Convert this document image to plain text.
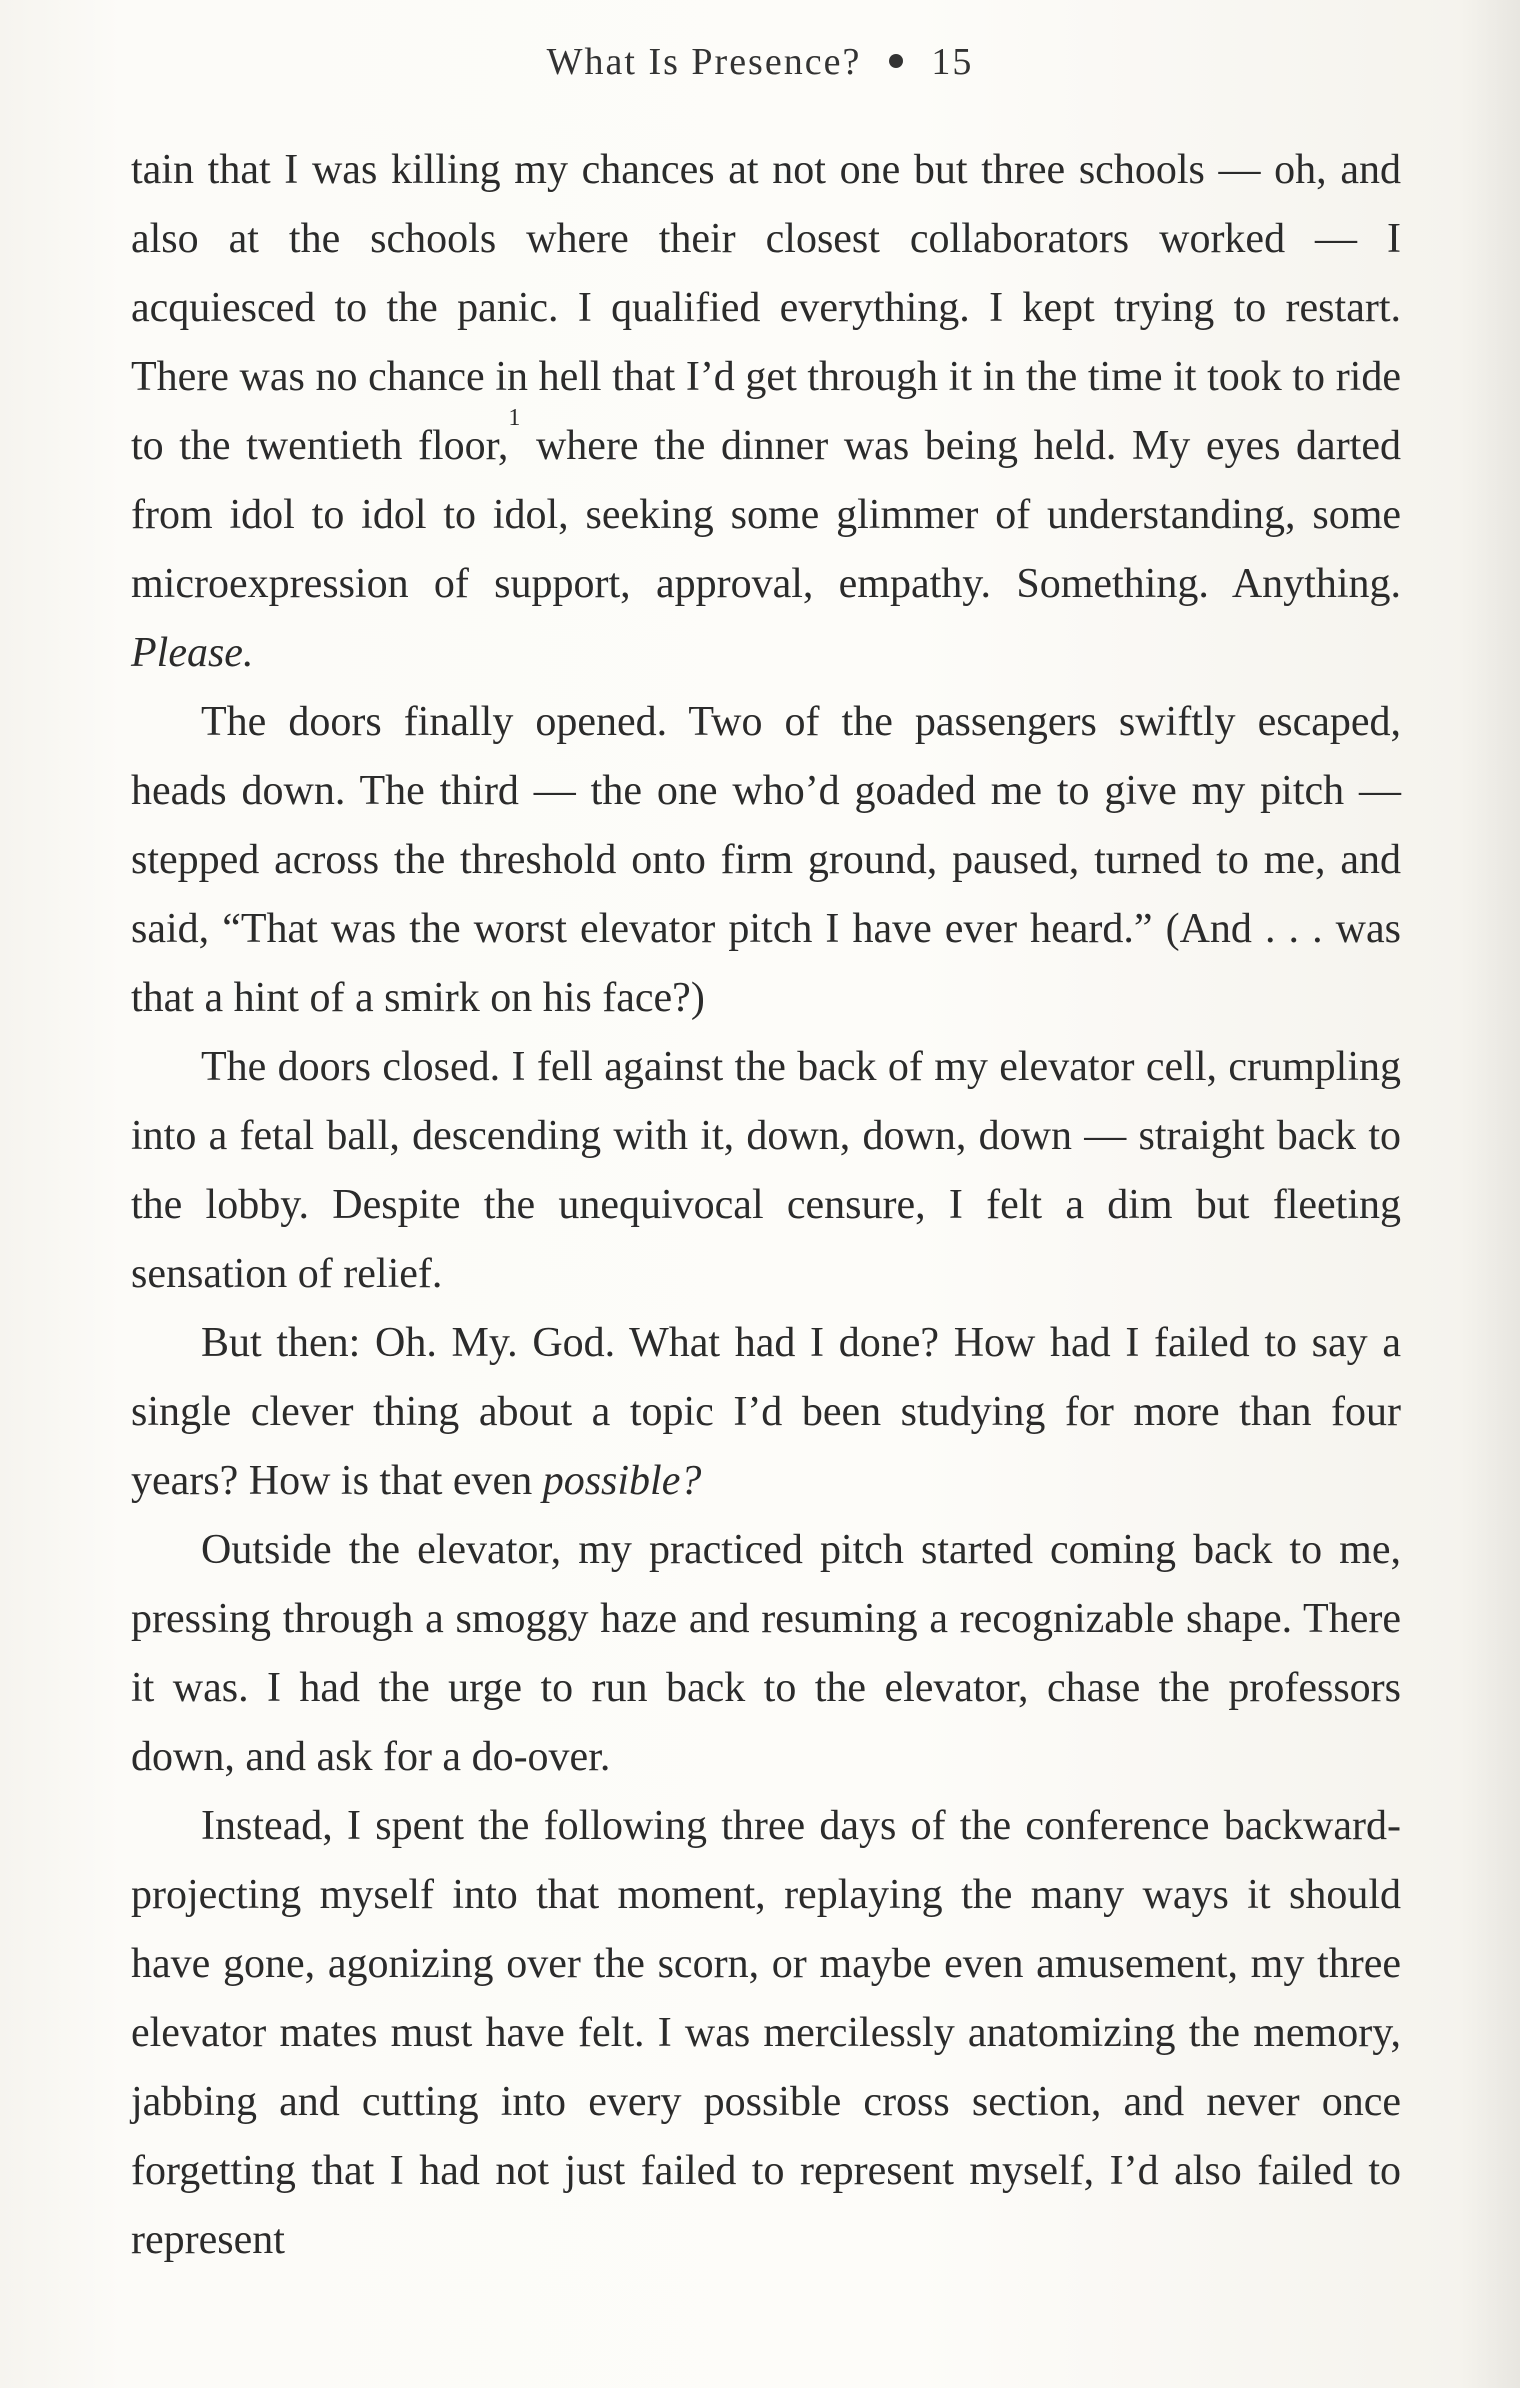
What Is Presence? 15

tain that I was killing my chances at not one but three schools — oh, and also at the schools where their closest collaborators worked — I acquiesced to the panic. I qualified everything. I kept trying to restart. There was no chance in hell that I’d get through it in the time it took to ride to the twentieth floor,$^1$ where the dinner was being held. My eyes darted from idol to idol to idol, seeking some glimmer of understanding, some microexpression of support, approval, empathy. Something. Anything. Please.

The doors finally opened. Two of the passengers swiftly escaped, heads down. The third — the one who’d goaded me to give my pitch — stepped across the threshold onto firm ground, paused, turned to me, and said, “That was the worst elevator pitch I have ever heard.” (And . . . was that a hint of a smirk on his face?)

The doors closed. I fell against the back of my elevator cell, crumpling into a fetal ball, descending with it, down, down, down — straight back to the lobby. Despite the unequivocal censure, I felt a dim but fleeting sensation of relief.

But then: Oh. My. God. What had I done? How had I failed to say a single clever thing about a topic I’d been studying for more than four years? How is that even possible?

Outside the elevator, my practiced pitch started coming back to me, pressing through a smoggy haze and resuming a recognizable shape. There it was. I had the urge to run back to the elevator, chase the professors down, and ask for a do-over.

Instead, I spent the following three days of the conference backward-projecting myself into that moment, replaying the many ways it should have gone, agonizing over the scorn, or maybe even amusement, my three elevator mates must have felt. I was mercilessly anatomizing the memory, jabbing and cutting into every possible cross section, and never once forgetting that I had not just failed to represent myself, I’d also failed to represent
